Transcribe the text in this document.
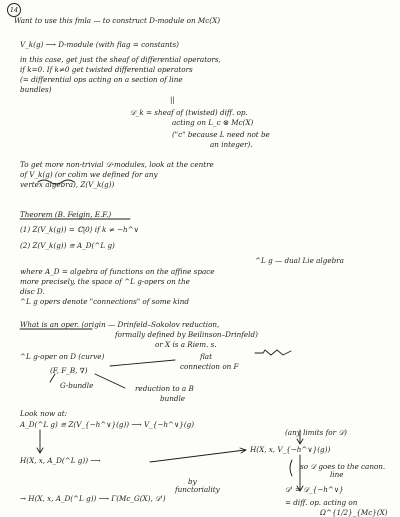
14
Want to use this fmla — to construct D-module on Mc(X)
V_k(g) ⟶ D-module (with flag = constants)
in this case, get just the sheaf of differential operators,
if k=0. If k≠0 get twisted differential operators
(= differential ops acting on a section of line
bundles)
||
𝒟_k = sheaf of (twisted) diff. op.
acting on L_c ⊗ Mc(X)
("c" because L need not be
an integer).
To get more non-trivial 𝒟-modules, look at the centre
of V_k(g) (or colim we defined for any
vertex algebra), Z(V_k(g))
Theorem (B. Feigin, E.F.)
(1) Z(V_k(g)) = ℂ|0⟩ if k ≠ −h^∨
(2) Z(V_k(g)) ≅ A_D(^L g)
^L g — dual Lie algebra
where A_D = algebra of functions on the affine space
more precisely, the space of ^L g-opers on the
disc D.
^L g opers denote "connections" of some kind
What is an oper. (origin — Drinfeld–Sokolov reduction,
formally defined by Beilinson–Drinfeld)
or X is a Riem. s.
^L g-oper on D (curve)	flat
connection on F
(F, F_B, ∇)
G-bundle	reduction to a B
bundle
Look now at:
A_D(^L g) ≅ Z(V_{−h^∨}(g)) ⟶ V_{−h^∨}(g)
(any limits for 𝒟)
H(X, x, V_{−h^∨}(g))
H(X, x, A_D(^L g)) ⟶
so 𝒟 goes to the canon.
line
by
functoriality	𝒟' = 𝒟_{−h^∨}
→ H(X, x, A_D(^L g)) ⟶ Γ(Mc_G(X), 𝒟')	= diff. op. acting on
Ω^{1/2}_{Mc}(X)
